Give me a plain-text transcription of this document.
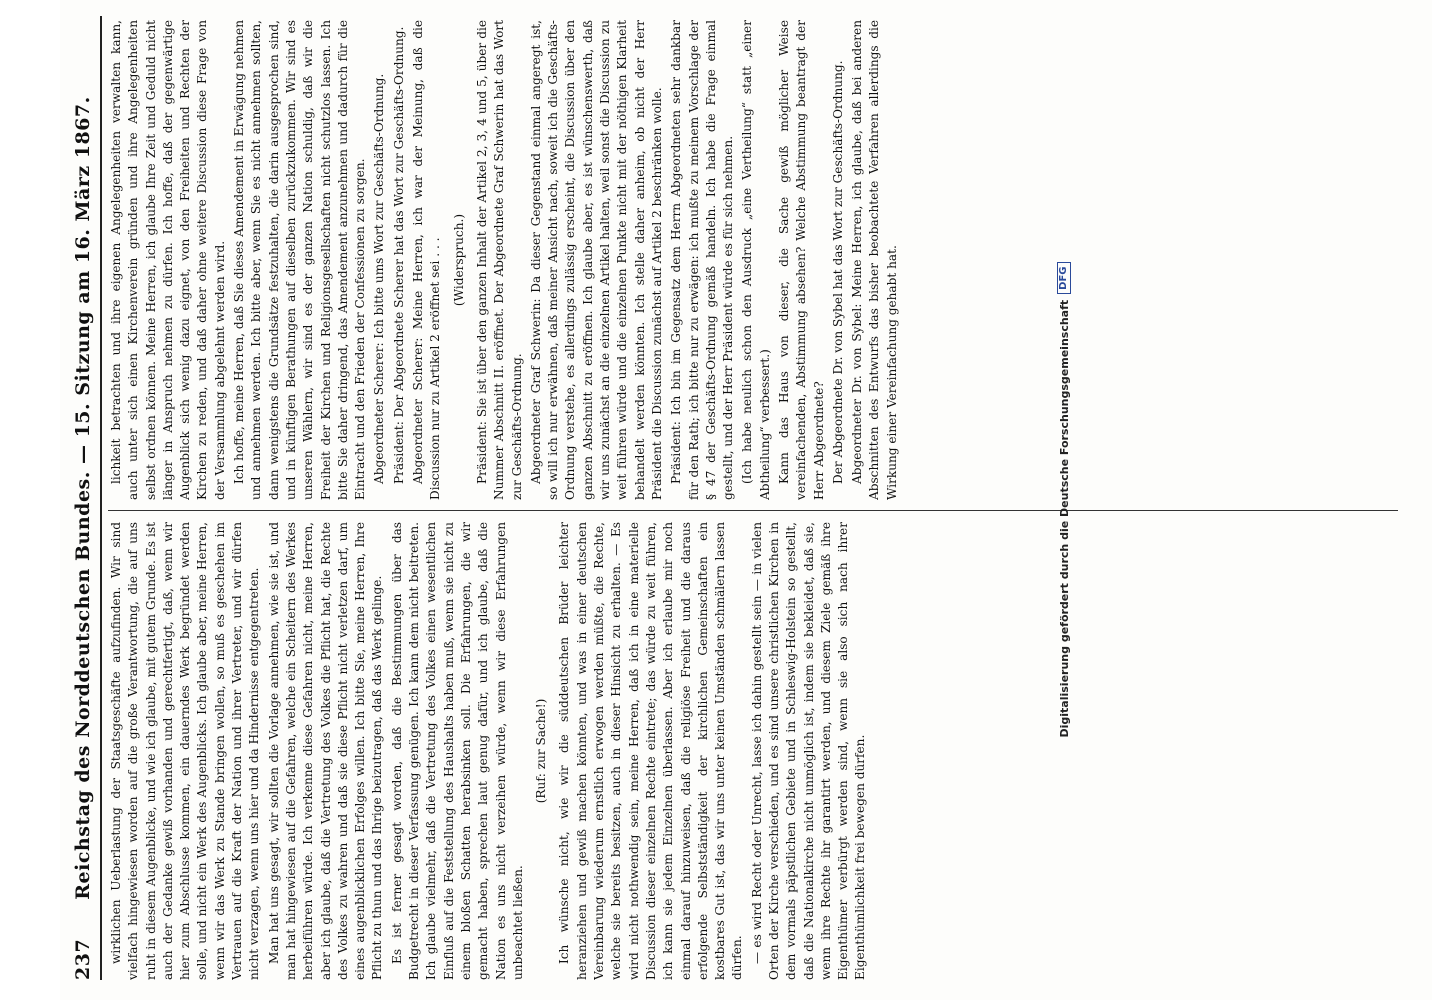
237
Reichstag des Norddeutschen Bundes. — 15. Sitzung am 16. März 1867. wirklichen Ueberlastung der Staatsgeschäfte aufzufinden. Wir sind vielfach hingewiesen worden auf die große Verantwortung, die auf uns ruht in diesem Augenblicke, und wie ich glaube, mit gutem Grunde. Es ist auch der Gedanke gewiß vorhanden und gerechtfertigt, daß, wenn wir hier zum Abschlusse kommen, ein dauerndes Werk begründet werden solle, und nicht ein Werk des Augenblicks. Ich glaube aber, meine Herren, wenn wir das Werk zu Stande bringen wollen, so muß es geschehen im Vertrauen auf die Kraft der Nation und ihrer Vertreter, und wir dürfen nicht verzagen, wenn uns hier und da Hindernisse entgegentreten. Man hat uns gesagt, wir sollten die Vorlage annehmen, wie sie ist, und man hat hingewiesen auf die Gefahren, welche ein Scheitern des Werkes herbeiführen würde. Ich verkenne diese Gefahren nicht, meine Herren, aber ich glaube, daß die Vertretung des Volkes die Pflicht hat, die Rechte des Volkes zu wahren und daß sie diese Pflicht nicht verletzen darf, um eines augenblicklichen Erfolges willen. Ich bitte Sie, meine Herren, Ihre Pflicht zu thun und das Ihrige beizutragen, daß das Werk gelinge. Es ist ferner gesagt worden, daß die Bestimmungen über das Budgetrecht in dieser Verfassung genügen. Ich kann dem nicht beitreten. Ich glaube vielmehr, daß die Vertretung des Volkes einen wesentlichen Einfluß auf die Feststellung des Haushalts haben muß, wenn sie nicht zu einem bloßen Schatten herabsinken soll. Die Erfahrungen, die wir gemacht haben, sprechen laut genug dafür, und ich glaube, daß die Nation es uns nicht verzeihen würde, wenn wir diese Erfahrungen unbeachtet ließen.

(Ruf: zur Sache!) Ich wünsche nicht, wie wir die süddeutschen Brüder leichter heranziehen und gewiß machen könnten, und was in einer deutschen Vereinbarung wiederum ernstlich erwogen werden müßte, die Rechte, welche sie bereits besitzen, auch in dieser Hinsicht zu erhalten. — Es wird nicht nothwendig sein, meine Herren, daß ich in eine materielle Discussion dieser einzelnen Rechte eintrete; das würde zu weit führen, ich kann sie jedem Einzelnen überlassen. Aber ich erlaube mir noch einmal darauf hinzuweisen, daß die religiöse Freiheit und die daraus erfolgende Selbstständigkeit der kirchlichen Gemeinschaften ein kostbares Gut ist, das wir uns unter keinen Umständen schmälern lassen dürfen. — es wird Recht oder Unrecht, lasse ich dahin gestellt sein — in vielen Orten der Kirche verschieden, und es sind unsere christlichen Kirchen in dem vormals päpstlichen Gebiete und in Schleswig-Holstein so gestellt, daß die Nationalkirche nicht unmöglich ist, indem sie bekleidet, daß sie, wenn ihre Rechte ihr garantirt werden, und diesem Ziele gemäß ihre Eigenthümer verbürgt werden sind, wenn sie also sich nach ihrer Eigenthümlichkeit frei bewegen dürfen.

lichkeit betrachten und ihre eigenen Angelegenheiten verwalten kann, auch unter sich einen Kirchenverein gründen und ihre Angelegenheiten selbst ordnen können. Meine Herren, ich glaube Ihre Zeit und Geduld nicht länger in Anspruch nehmen zu dürfen. Ich hoffe, daß der gegenwärtige Augenblick sich wenig dazu eignet, von den Freiheiten und Rechten der Kirchen zu reden, und daß daher ohne weitere Discussion diese Frage von der Versammlung abgelehnt werden wird. Ich hoffe, meine Herren, daß Sie dieses Amendement in Erwägung nehmen und annehmen werden. Ich bitte aber, wenn Sie es nicht annehmen sollten, dann wenigstens die Grundsätze festzuhalten, die darin ausgesprochen sind, und in künftigen Berathungen auf dieselben zurückzukommen. Wir sind es unseren Wählern, wir sind es der ganzen Nation schuldig, daß wir die Freiheit der Kirchen und Religionsgesellschaften nicht schutzlos lassen. Ich bitte Sie daher dringend, das Amendement anzunehmen und dadurch für die Eintracht und den Frieden der Confessionen zu sorgen. Abgeordneter Scherer: Ich bitte ums Wort zur Geschäfts-Ordnung. Präsident: Der Abgeordnete Scherer hat das Wort zur Geschäfts-Ordnung. Abgeordneter Scherer: Meine Herren, ich war der Meinung, daß die Discussion nur zu Artikel 2 eröffnet sei . . . (Widerspruch.) Präsident: Sie ist über den ganzen Inhalt der Artikel 2, 3, 4 und 5, über die Nummer Abschnitt II. eröffnet. Der Abgeordnete Graf Schwerin hat das Wort zur Geschäfts-Ordnung. Abgeordneter Graf Schwerin: Da dieser Gegenstand einmal angeregt ist, so will ich nur erwähnen, daß meiner Ansicht nach, soweit ich die Geschäfts-Ordnung verstehe, es allerdings zulässig erscheint, die Discussion über den ganzen Abschnitt zu eröffnen. Ich glaube aber, es ist wünschenswerth, daß wir uns zunächst an die einzelnen Artikel halten, weil sonst die Discussion zu weit führen würde und die einzelnen Punkte nicht mit der nöthigen Klarheit behandelt werden könnten. Ich stelle daher anheim, ob nicht der Herr Präsident die Discussion zunächst auf Artikel 2 beschränken wolle. Präsident: Ich bin im Gegensatz dem Herrn Abgeordneten sehr dankbar für den Rath; ich bitte nur zu erwägen: ich mußte zu meinem Vorschlage der § 47 der Geschäfts-Ordnung gemäß handeln. Ich habe die Frage einmal gestellt, und der Herr Präsident würde es für sich nehmen. (Ich habe neulich schon den Ausdruck „eine Vertheilung“ statt „einer Abtheilung“ verbessert.) Kann das Haus von dieser, die Sache gewiß möglicher Weise vereinfachenden, Abstimmung absehen? Welche Abstimmung beantragt der Herr Abgeordnete? Der Abgeordnete Dr. von Sybel hat das Wort zur Geschäfts-Ordnung. Abgeordneter Dr. von Sybel: Meine Herren, ich glaube, daß bei anderen Abschnitten des Entwurfs das bisher beobachtete Verfahren allerdings die Wirkung einer Vereinfachung gehabt hat.	Digitalisierung gefördert durch die Deutsche Forschungsgemeinschaft
DFG
